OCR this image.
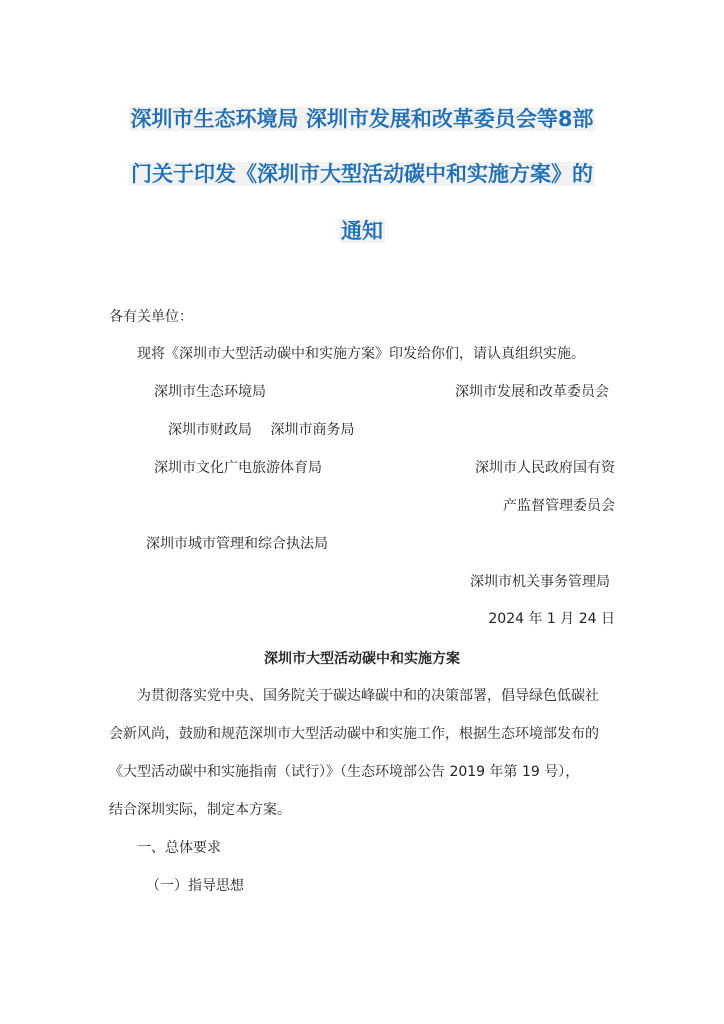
深圳市生态环境局 深圳市发展和改革委员会等8部
门关于印发《深圳市大型活动碳中和实施方案》的
通知
各有关单位：
现将《深圳市大型活动碳中和实施方案》印发给你们，请认真组织实施。
深圳市生态环境局	深圳市发展和改革委员会
深圳市财政局　 深圳市商务局
深圳市文化广电旅游体育局	深圳市人民政府国有资
产监督管理委员会
深圳市城市管理和综合执法局
深圳市机关事务管理局
2024 年 1 月 24 日
深圳市大型活动碳中和实施方案
为贯彻落实党中央、国务院关于碳达峰碳中和的决策部署，倡导绿色低碳社
会新风尚，鼓励和规范深圳市大型活动碳中和实施工作，根据生态环境部发布的
《大型活动碳中和实施指南（试行）》（生态环境部公告 2019 年第 19 号），
结合深圳实际，制定本方案。
一、总体要求
（一）指导思想
